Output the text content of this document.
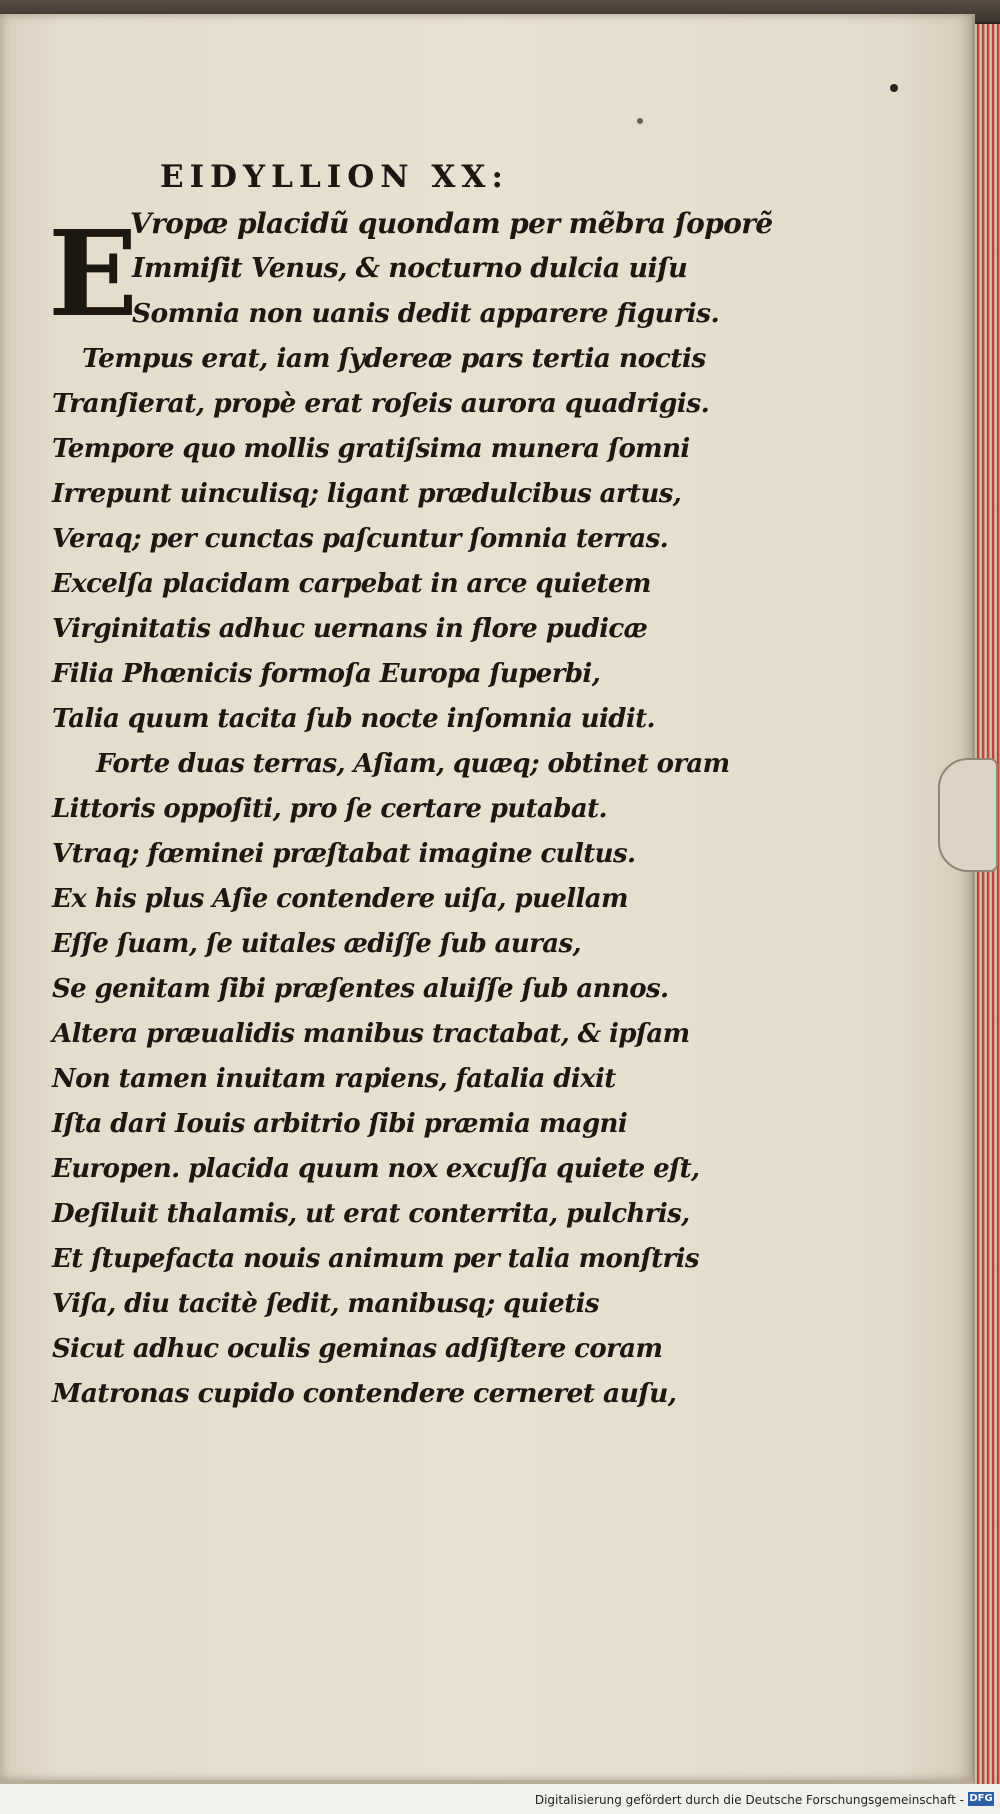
EIDYLLION XX:
E
Vropæ placidũ quondam per mẽbra ſoporẽ
Immiſit Venus, & nocturno dulcia uiſu
Somnia non uanis dedit apparere figuris.
Tempus erat, iam ſydereæ pars tertia noctis
Tranſierat, propè erat roſeis aurora quadrigis.
Tempore quo mollis gratiſsima munera ſomni
Irrepunt uinculisq; ligant prædulcibus artus,
Veraq; per cunctas paſcuntur ſomnia terras.
Excelſa placidam carpebat in arce quietem
Virginitatis adhuc uernans in flore pudicæ
Filia Phœnicis formoſa Europa ſuperbi,
Talia quum tacita ſub nocte inſomnia uidit.
Forte duas terras, Aſiam, quæq; obtinet oram
Littoris oppoſiti, pro ſe certare putabat.
Vtraq; fœminei præſtabat imagine cultus.
Ex his plus Aſie contendere uiſa, puellam
Eſſe ſuam, ſe uitales ædiſſe ſub auras,
Se genitam ſibi præſentes aluiſſe ſub annos.
Altera præualidis manibus tractabat, & ipſam
Non tamen inuitam rapiens, fatalia dixit
Iſta dari Iouis arbitrio ſibi præmia magni
Europen. placida quum nox excuſſa quiete eſt,
Deſiluit thalamis, ut erat conterrita, pulchris,
Et ſtupefacta nouis animum per talia monſtris
Viſa, diu tacitè ſedit, manibusq; quietis
Sicut adhuc oculis geminas adſiſtere coram
Matronas cupido contendere cerneret auſu,
Digitalisierung gefördert durch die Deutsche Forschungsgemeinschaft - DFG
